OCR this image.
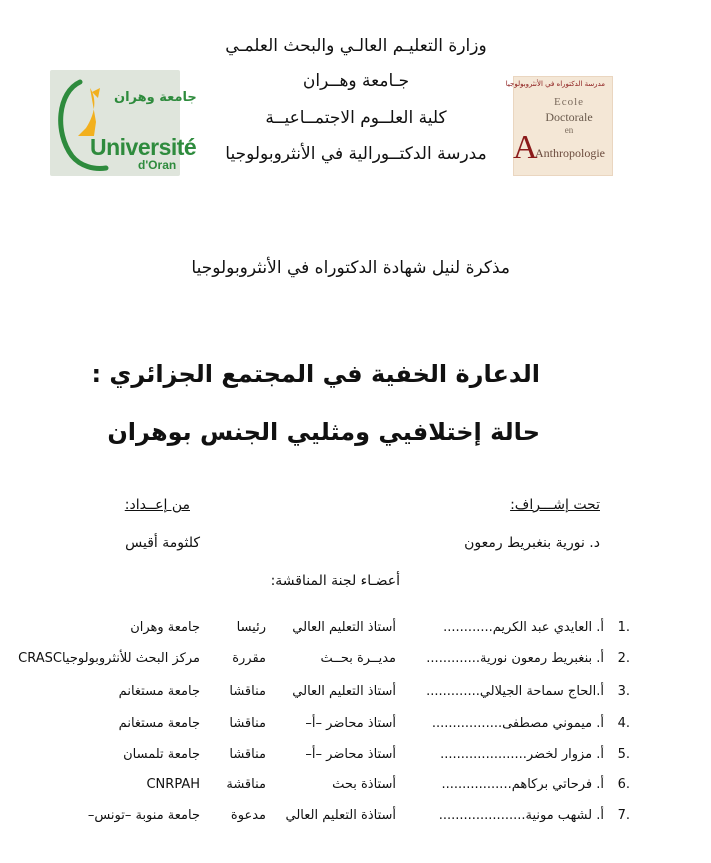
وزارة التعليـم العالـي والبحث العلمـي
جـامعة وهــران
كلية العلــوم الاجتمــاعيــة
مدرسة الدكتــورالية في الأنثروبولوجيا
جامعة وهران
Université
d'Oran
مدرسة الدكتوراه في الأنثروبولوجيا
Ecole
Doctorale
en
A
Anthropologie
مذكرة لنيل شهادة الدكتوراه في الأنثروبولوجيا
الدعارة الخفية في المجتمع الجزائري :
حالة إختلافيي ومثليي الجنس بوهران
تحت إشـــراف:
من إعــداد:
د. نورية بنغبريط رمعون
كلثومة أقيس
أعضـاء لجنة المناقشة:
1.
أ. العايدي عبد الكريم............
أستاذ التعليم العالي
رئيسا
جامعة وهران
2.
أ. بنغبريط رمعون نورية.............
مديــرة بحــث
مقررة
مركز البحث للأنثروبولوجياCRASC
3.
أ.الحاج سماحة الجيلالي.............
أستاذ التعليم العالي
مناقشا
جامعة مستغانم
4.
أ. ميموني مصطفى.................
أستاذ محاضر –أ–
مناقشا
جامعة مستغانم
5.
أ. مزوار لخضر.....................
أستاذ محاضر –أ–
مناقشا
جامعة تلمسان
6.
أ. فرحاتي بركاهم.................
أستاذة بحث
مناقشة
CNRPAH
7.
أ. لشهب مونية.....................
أستاذة التعليم العالي
مدعوة
جامعة منوبة –تونس–
